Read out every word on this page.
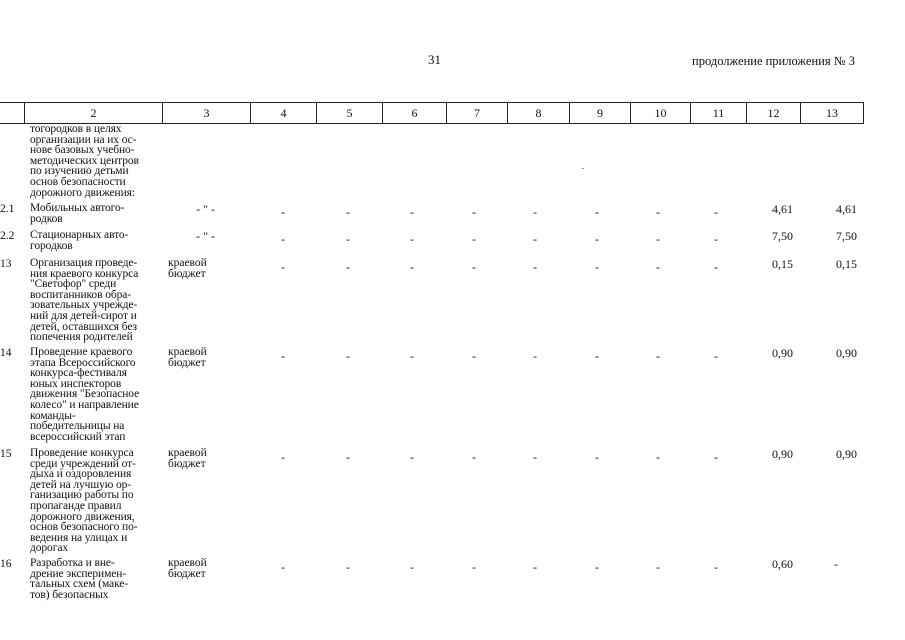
31	продолжение приложения № 3
2	3	4	5	6	7	8	9	10	11	12	13
тогородков в целях
организации на их ос-
нове базовых учебно-
методических центров
по изучению детьми
основ безопасности
дорожного движения:
2.1	Мобильных автого-
родков
- " -	-	-	-	-	-	-	-	-	4,61	4,61
2.2	Стационарных авто-
городков
- " -	-	-	-	-	-	-	-	-	7,50	7,50
13	Организация проведе-
ния краевого конкурса
"Светофор" среди
воспитанников обра-
зовательных учрежде-
ний для детей-сирот и
детей, оставшихся без
попечения родителей
краевой
бюджет	-	-	-	-	-	-	-	-	0,15	0,15
14	Проведение краевого
этапа Всероссийского
конкурса-фестиваля
юных инспекторов
движения "Безопасное
колесо" и направление
команды-
победительницы на
всероссийский этап
краевой
бюджет	-	-	-	-	-	-	-	-	0,90	0,90
15	Проведение конкурса
среди учреждений от-
дыха и оздоровления
детей на лучшую ор-
ганизацию работы по
пропаганде правил
дорожного движения,
основ безопасного по-
ведения на улицах и
дорогах
краевой
бюджет	-	-	-	-	-	-	-	-	0,90	0,90
16	Разработка и вне-
дрение эксперимен-
тальных схем (маке-
тов) безопасных
краевой
бюджет	-	-	-	-	-	-	-	-	0,60	-
